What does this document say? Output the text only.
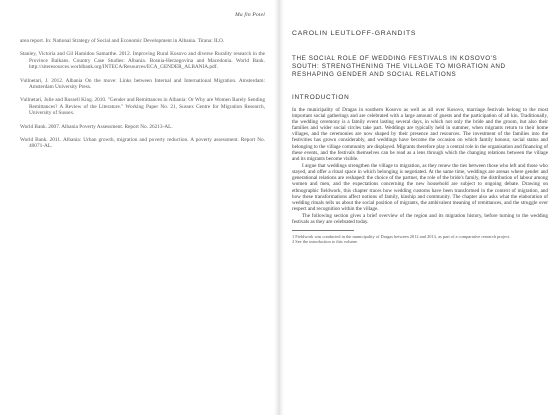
Ma fin Potel

area report. In: National Strategy of Social and Economic Development in Albania. Tirana: ILO.

Stanley, Victoria and Gil Hamidou Samarthe. 2012. Improving Rural Kosovo and diverse Rurality research in the Province Balkans. Country Case Studies: Albania. Bosnia-Herzegovina and Macedonia. World Bank. http://siteresources.worldbank.org/INTECA/Resources/ECA_GENDER_ALBANIA.pdf.

Vullnetari, J. 2012. Albania On the move: Links between Internal and International Migration. Amsterdam: Amsterdam University Press.

Vullnetari, Julie and Russell King. 2010. "Gender and Remittances in Albania: Or Why are Women Rarely Sending Remittances? A Review of the Literature." Working Paper No. 21, Sussex Centre for Migration Research, University of Sussex.

World Bank. 2007. Albania Poverty Assessment. Report No. 26213-AL.

World Bank. 2011. Albania: Urban growth, migration and poverty reduction. A poverty assessment. Report No. 40071-AL.

CAROLIN LEUTLOFF-GRANDITS
THE SOCIAL ROLE OF WEDDING FESTIVALS IN KOSOVO'S
SOUTH: STRENGTHENING THE VILLAGE TO MIGRATION AND
RESHAPING GENDER AND SOCIAL RELATIONS
INTRODUCTION

In the municipality of Dragas in southern Kosovo as well as all over Kosovo, marriage festivals belong to the most important social gatherings and are celebrated with a large amount of guests and the participation of all kin. Traditionally, the wedding ceremony is a family event lasting several days, in which not only the bride and the groom, but also their families and wider social circles take part. Weddings are typically held in summer, when migrants return to their home villages, and the ceremonies are now shaped by their presence and resources. The investment of the families into the festivities has grown considerably, and weddings have become the occasion on which family honour, social status and belonging to the village community are displayed. Migrants therefore play a central role in the organisation and financing of these events, and the festivals themselves can be read as a lens through which the changing relations between the village and its migrants become visible.

I argue that weddings strengthen the village to migration, as they renew the ties between those who left and those who stayed, and offer a ritual space in which belonging is negotiated. At the same time, weddings are arenas where gender and generational relations are reshaped: the choice of the partner, the role of the bride's family, the distribution of labour among women and men, and the expectations concerning the new household are subject to ongoing debate. Drawing on ethnographic fieldwork, this chapter traces how wedding customs have been transformed in the context of migration, and how these transformations affect notions of family, kinship and community. The chapter also asks what the elaboration of wedding rituals tells us about the social position of migrants, the ambivalent meaning of remittances, and the struggle over respect and recognition within the village.

The following section gives a brief overview of the region and its migration history, before turning to the wedding festivals as they are celebrated today.

1 Fieldwork was conducted in the municipality of Dragas between 2012 and 2013, as part of a comparative research project.

2 See the introduction to this volume.
